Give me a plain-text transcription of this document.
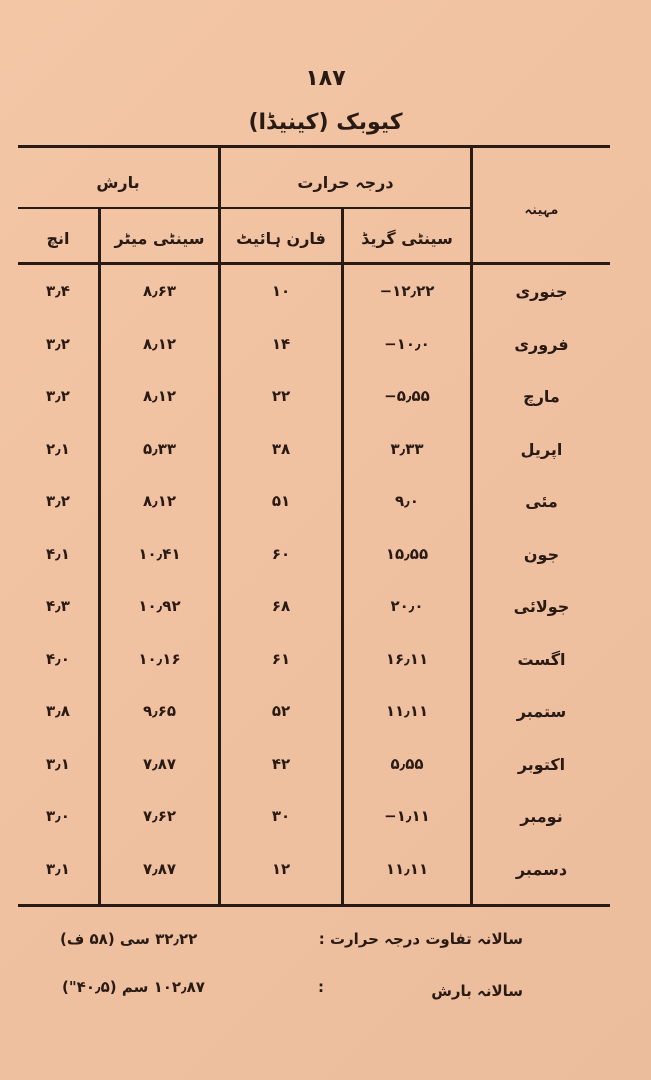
۱۸۷
کیوبک (کینیڈا)
بارش	درجہ حرارت
مہینہ
انچ	سینٹی میٹر	فارن ہائیٹ	سینٹی گریڈ
۳٫۴	۸٫۶۳	۱۰	۱۲٫۲۲−	جنوری
۳٫۲	۸٫۱۲	۱۴	۱۰٫۰−	فروری
۳٫۲	۸٫۱۲	۲۲	۵٫۵۵−	مارچ
۲٫۱	۵٫۳۳	۳۸	۳٫۳۳	اپریل
۳٫۲	۸٫۱۲	۵۱	۹٫۰	مئی
۴٫۱	۱۰٫۴۱	۶۰	۱۵٫۵۵	جون
۴٫۳	۱۰٫۹۲	۶۸	۲۰٫۰	جولائی
۴٫۰	۱۰٫۱۶	۶۱	۱۶٫۱۱	اگست
۳٫۸	۹٫۶۵	۵۲	۱۱٫۱۱	ستمبر
۳٫۱	۷٫۸۷	۴۲	۵٫۵۵	اکتوبر
۳٫۰	۷٫۶۲	۳۰	۱٫۱۱−	نومبر
۳٫۱	۷٫۸۷	۱۲	۱۱٫۱۱	دسمبر
سالانہ تفاوت درجہ حرارت :
۳۲٫۲۲ سی (۵۸ ف)
سالانہ بارش
:
۱۰۲٫۸۷ سم (۴۰٫۵")
